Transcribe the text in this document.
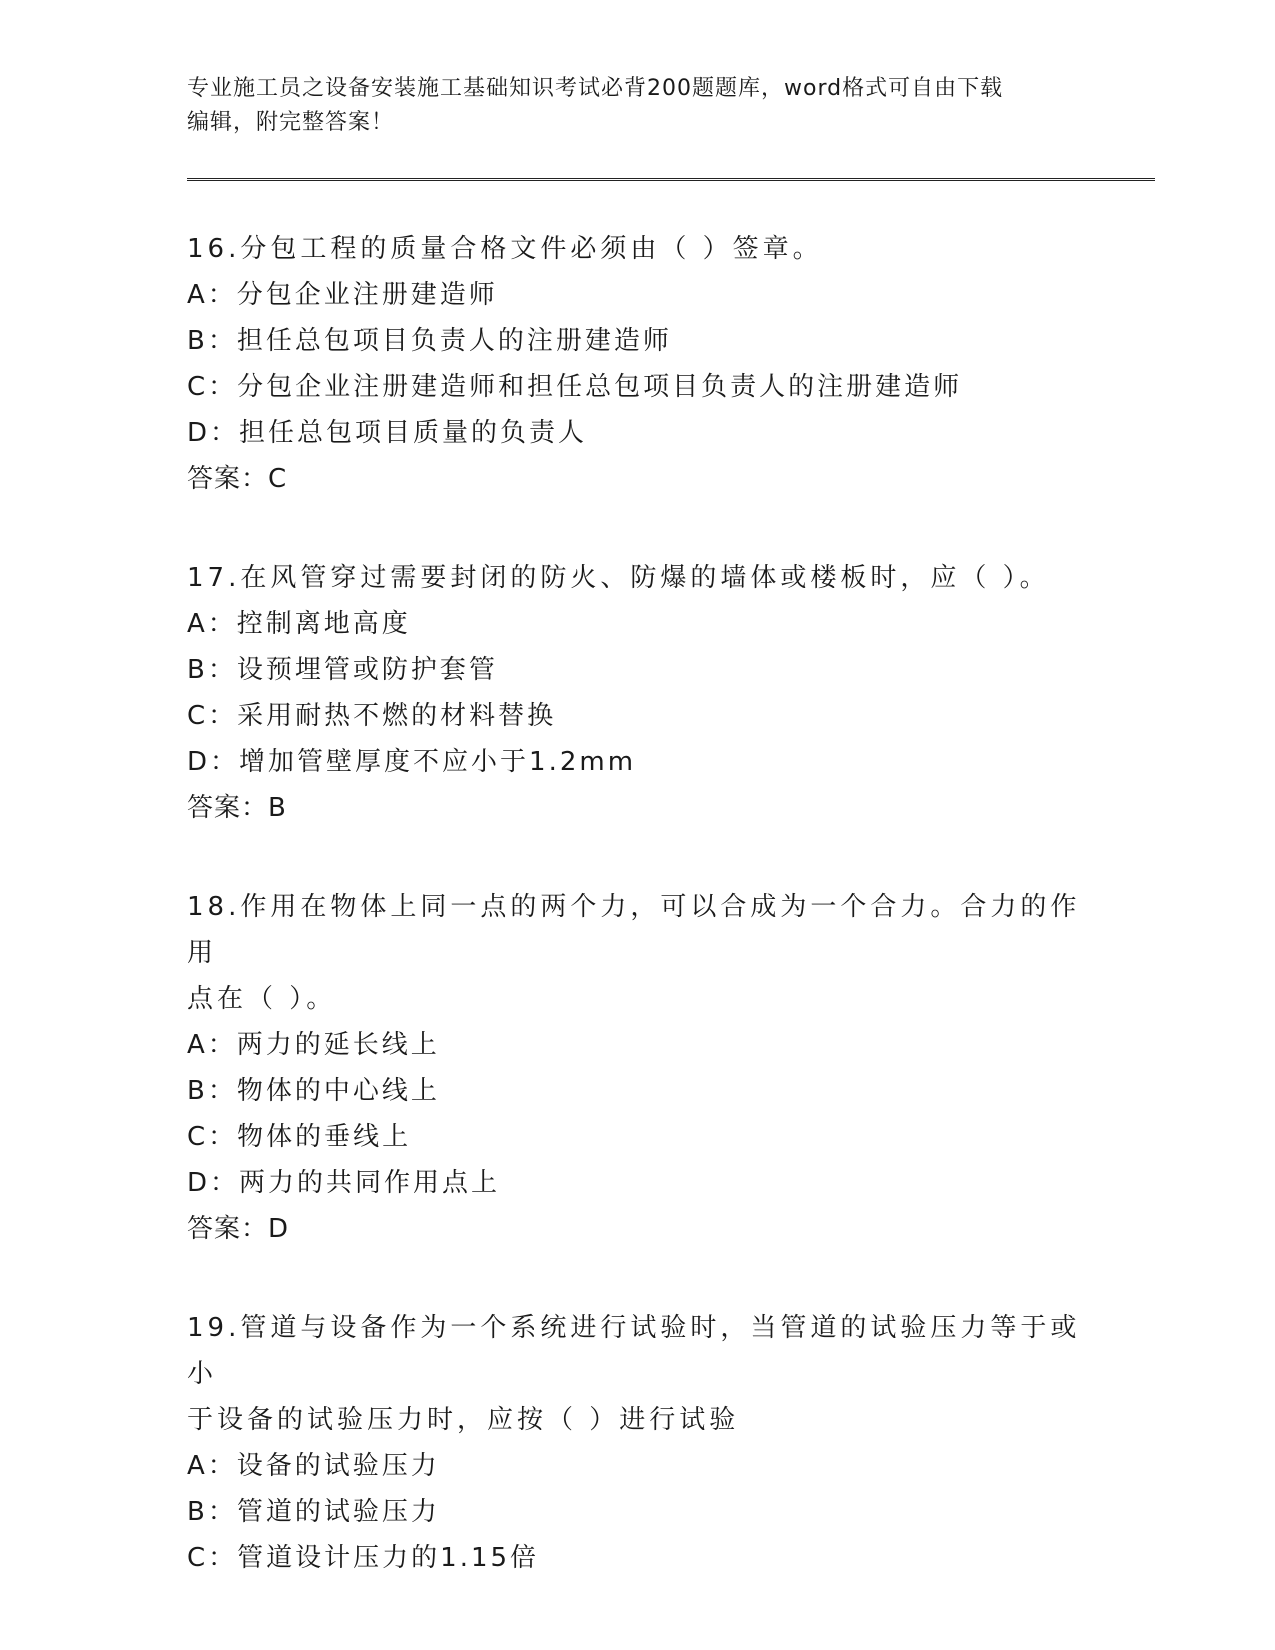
专业施工员之设备安装施工基础知识考试必背200题题库，word格式可自由下载
编辑，附完整答案！

16.分包工程的质量合格文件必须由（ ）签章。

A：分包企业注册建造师

B：担任总包项目负责人的注册建造师

C：分包企业注册建造师和担任总包项目负责人的注册建造师

D：担任总包项目质量的负责人

答案：C

17.在风管穿过需要封闭的防火、防爆的墙体或楼板时，应（ ）。

A：控制离地高度

B：设预埋管或防护套管

C：采用耐热不燃的材料替换

D：增加管壁厚度不应小于1.2mm

答案：B

18.作用在物体上同一点的两个力，可以合成为一个合力。合力的作用

点在（ ）。

A：两力的延长线上

B：物体的中心线上

C：物体的垂线上

D：两力的共同作用点上

答案：D

19.管道与设备作为一个系统进行试验时，当管道的试验压力等于或小

于设备的试验压力时，应按（ ）进行试验

A：设备的试验压力

B：管道的试验压力

C：管道设计压力的1.15倍
